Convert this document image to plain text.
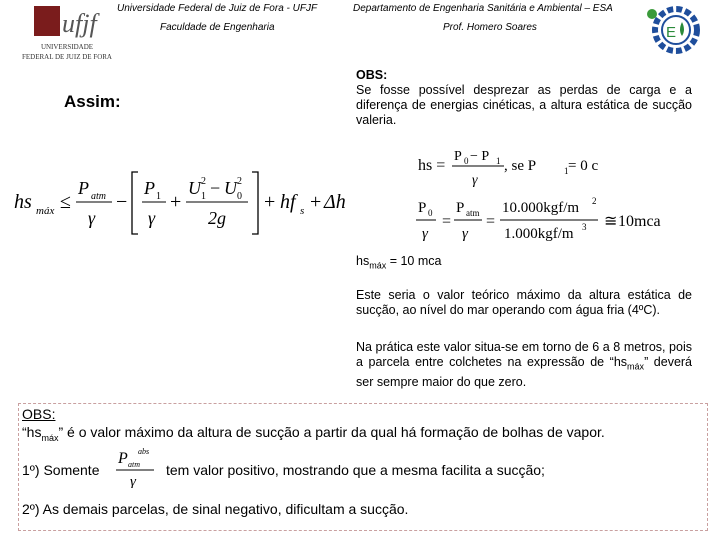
ufjf
UNIVERSIDADE
FEDERAL DE JUIZ DE FORA
Universidade Federal de Juiz de Fora - UFJF
Faculdade de Engenharia
Departamento de Engenharia Sanitária e Ambiental – ESA
Prof. Homero Soares	E
Assim:
hs máx ≤
P atm
γ
−
P 1
γ
+
U 1
2 − U 0
2
2g
+ hf s + Δh
OBS:
Se fosse possível desprezar as perdas de carga e a diferença de energias cinéticas, a altura estática de sucção valeria.
hs =
P 0 − P 1
γ
, se P	1 = 0 c
P 0
γ
=
P atm
γ
=
10.000kgf/m 2
1.000kgf/m 3 ≅ 10mca
$hs_{máx} = 10$ mca
Este seria o valor teórico máximo da altura estática de sucção, ao nível do mar operando com água fria (4ºC).
Na prática este valor situa-se em torno de 6 a 8 metros, pois a parcela entre colchetes na expressão de “$hs_{máx}$” deverá ser sempre maior do que zero.
OBS:
“$hs_{máx}$” é o valor máximo da altura de sucção a partir da qual há formação de bolhas de vapor.
1º) Somente
P atm
abs
γ
tem valor positivo, mostrando que a mesma facilita a sucção;
2º) As demais parcelas, de sinal negativo, dificultam a sucção.
